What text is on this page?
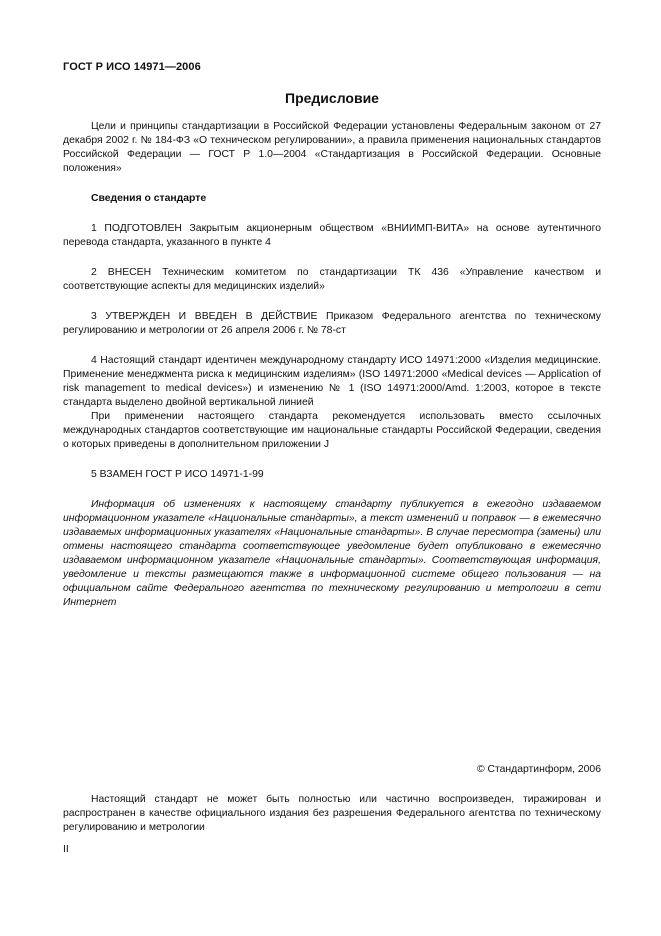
ГОСТ Р ИСО 14971—2006
Предисловие

Цели и принципы стандартизации в Российской Федерации установлены Федеральным законом от 27 декабря 2002 г. № 184-ФЗ «О техническом регулировании», а правила применения национальных стандартов Российской Федерации — ГОСТ Р 1.0—2004 «Стандартизация в Российской Федерации. Основные положения»

Сведения о стандарте

1 ПОДГОТОВЛЕН Закрытым акционерным обществом «ВНИИМП-ВИТА» на основе аутентичного перевода стандарта, указанного в пункте 4

2 ВНЕСЕН Техническим комитетом по стандартизации ТК 436 «Управление качеством и соответствующие аспекты для медицинских изделий»

3 УТВЕРЖДЕН И ВВЕДЕН В ДЕЙСТВИЕ Приказом Федерального агентства по техническому регулированию и метрологии от 26 апреля 2006 г. № 78-ст

4 Настоящий стандарт идентичен международному стандарту ИСО 14971:2000 «Изделия медицинские. Применение менеджмента риска к медицинским изделиям» (ISO 14971:2000 «Medical devices — Application of risk management to medical devices») и изменению № 1 (ISO 14971:2000/Amd. 1:2003, которое в тексте стандарта выделено двойной вертикальной линией

При применении настоящего стандарта рекомендуется использовать вместо ссылочных международных стандартов соответствующие им национальные стандарты Российской Федерации, сведения о которых приведены в дополнительном приложении J

5 ВЗАМЕН ГОСТ Р ИСО 14971-1-99

Информация об изменениях к настоящему стандарту публикуется в ежегодно издаваемом информационном указателе «Национальные стандарты», а текст изменений и поправок — в ежемесячно издаваемых информационных указателях «Национальные стандарты». В случае пересмотра (замены) или отмены настоящего стандарта соответствующее уведомление будет опубликовано в ежемесячно издаваемом информационном указателе «Национальные стандарты». Соответствующая информация, уведомление и тексты размещаются также в информационной системе общего пользования — на официальном сайте Федерального агентства по техническому регулированию и метрологии в сети Интернет

© Стандартинформ, 2006

Настоящий стандарт не может быть полностью или частично воспроизведен, тиражирован и распространен в качестве официального издания без разрешения Федерального агентства по техническому регулированию и метрологии

II
